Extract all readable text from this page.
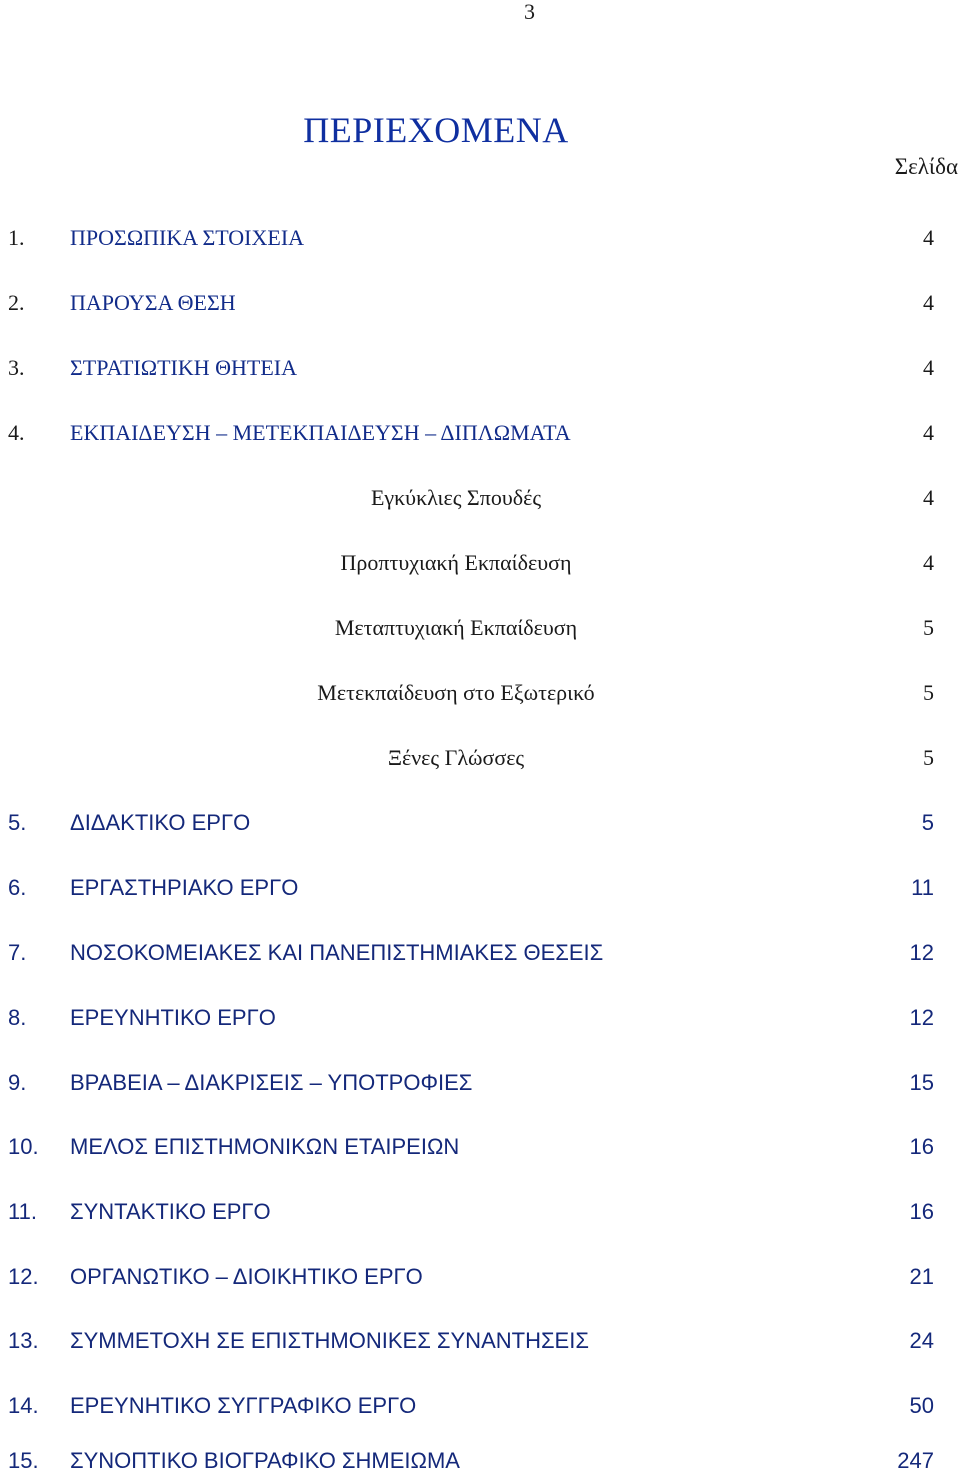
3
ΠΕΡΙΕΧΟΜΕΝΑ
Σελίδα
1. ΠΡΟΣΩΠΙΚΑ ΣΤΟΙΧΕΙΑ	4
2. ΠΑΡΟΥΣΑ ΘΕΣΗ	4
3. ΣΤΡΑΤΙΩΤΙΚΗ ΘΗΤΕΙΑ	4
4. ΕΚΠΑΙΔΕΥΣΗ – ΜΕΤΕΚΠΑΙΔΕΥΣΗ – ΔΙΠΛΩΜΑΤΑ	4
Εγκύκλιες Σπουδές	4
Προπτυχιακή Εκπαίδευση	4
Μεταπτυχιακή Εκπαίδευση	5
Μετεκπαίδευση στο Εξωτερικό	5
Ξένες Γλώσσες	5
5. ΔΙΔΑΚΤΙΚΟ ΕΡΓΟ	5
6. ΕΡΓΑΣΤΗΡΙΑΚΟ ΕΡΓΟ	11
7. ΝΟΣΟΚΟΜΕΙΑΚΕΣ ΚΑΙ ΠΑΝΕΠΙΣΤΗΜΙΑΚΕΣ ΘΕΣΕΙΣ	12
8. ΕΡΕΥΝΗΤΙΚΟ ΕΡΓΟ	12
9. ΒΡΑΒΕΙΑ – ΔΙΑΚΡΙΣΕΙΣ – ΥΠΟΤΡΟΦΙΕΣ	15
10. ΜΕΛΟΣ ΕΠΙΣΤΗΜΟΝΙΚΩΝ ΕΤΑΙΡΕΙΩΝ	16
11. ΣΥΝΤΑΚΤΙΚΟ ΕΡΓΟ	16
12. ΟΡΓΑΝΩΤΙΚΟ – ΔΙΟΙΚΗΤΙΚΟ ΕΡΓΟ	21
13. ΣΥΜΜΕΤΟΧΗ ΣΕ ΕΠΙΣΤΗΜΟΝΙΚΕΣ ΣΥΝΑΝΤΗΣΕΙΣ	24
14. ΕΡΕΥΝΗΤΙΚΟ ΣΥΓΓΡΑΦΙΚΟ ΕΡΓΟ	50
15. ΣΥΝΟΠΤΙΚΟ ΒΙΟΓΡΑΦΙΚΟ ΣΗΜΕΙΩΜΑ	247
